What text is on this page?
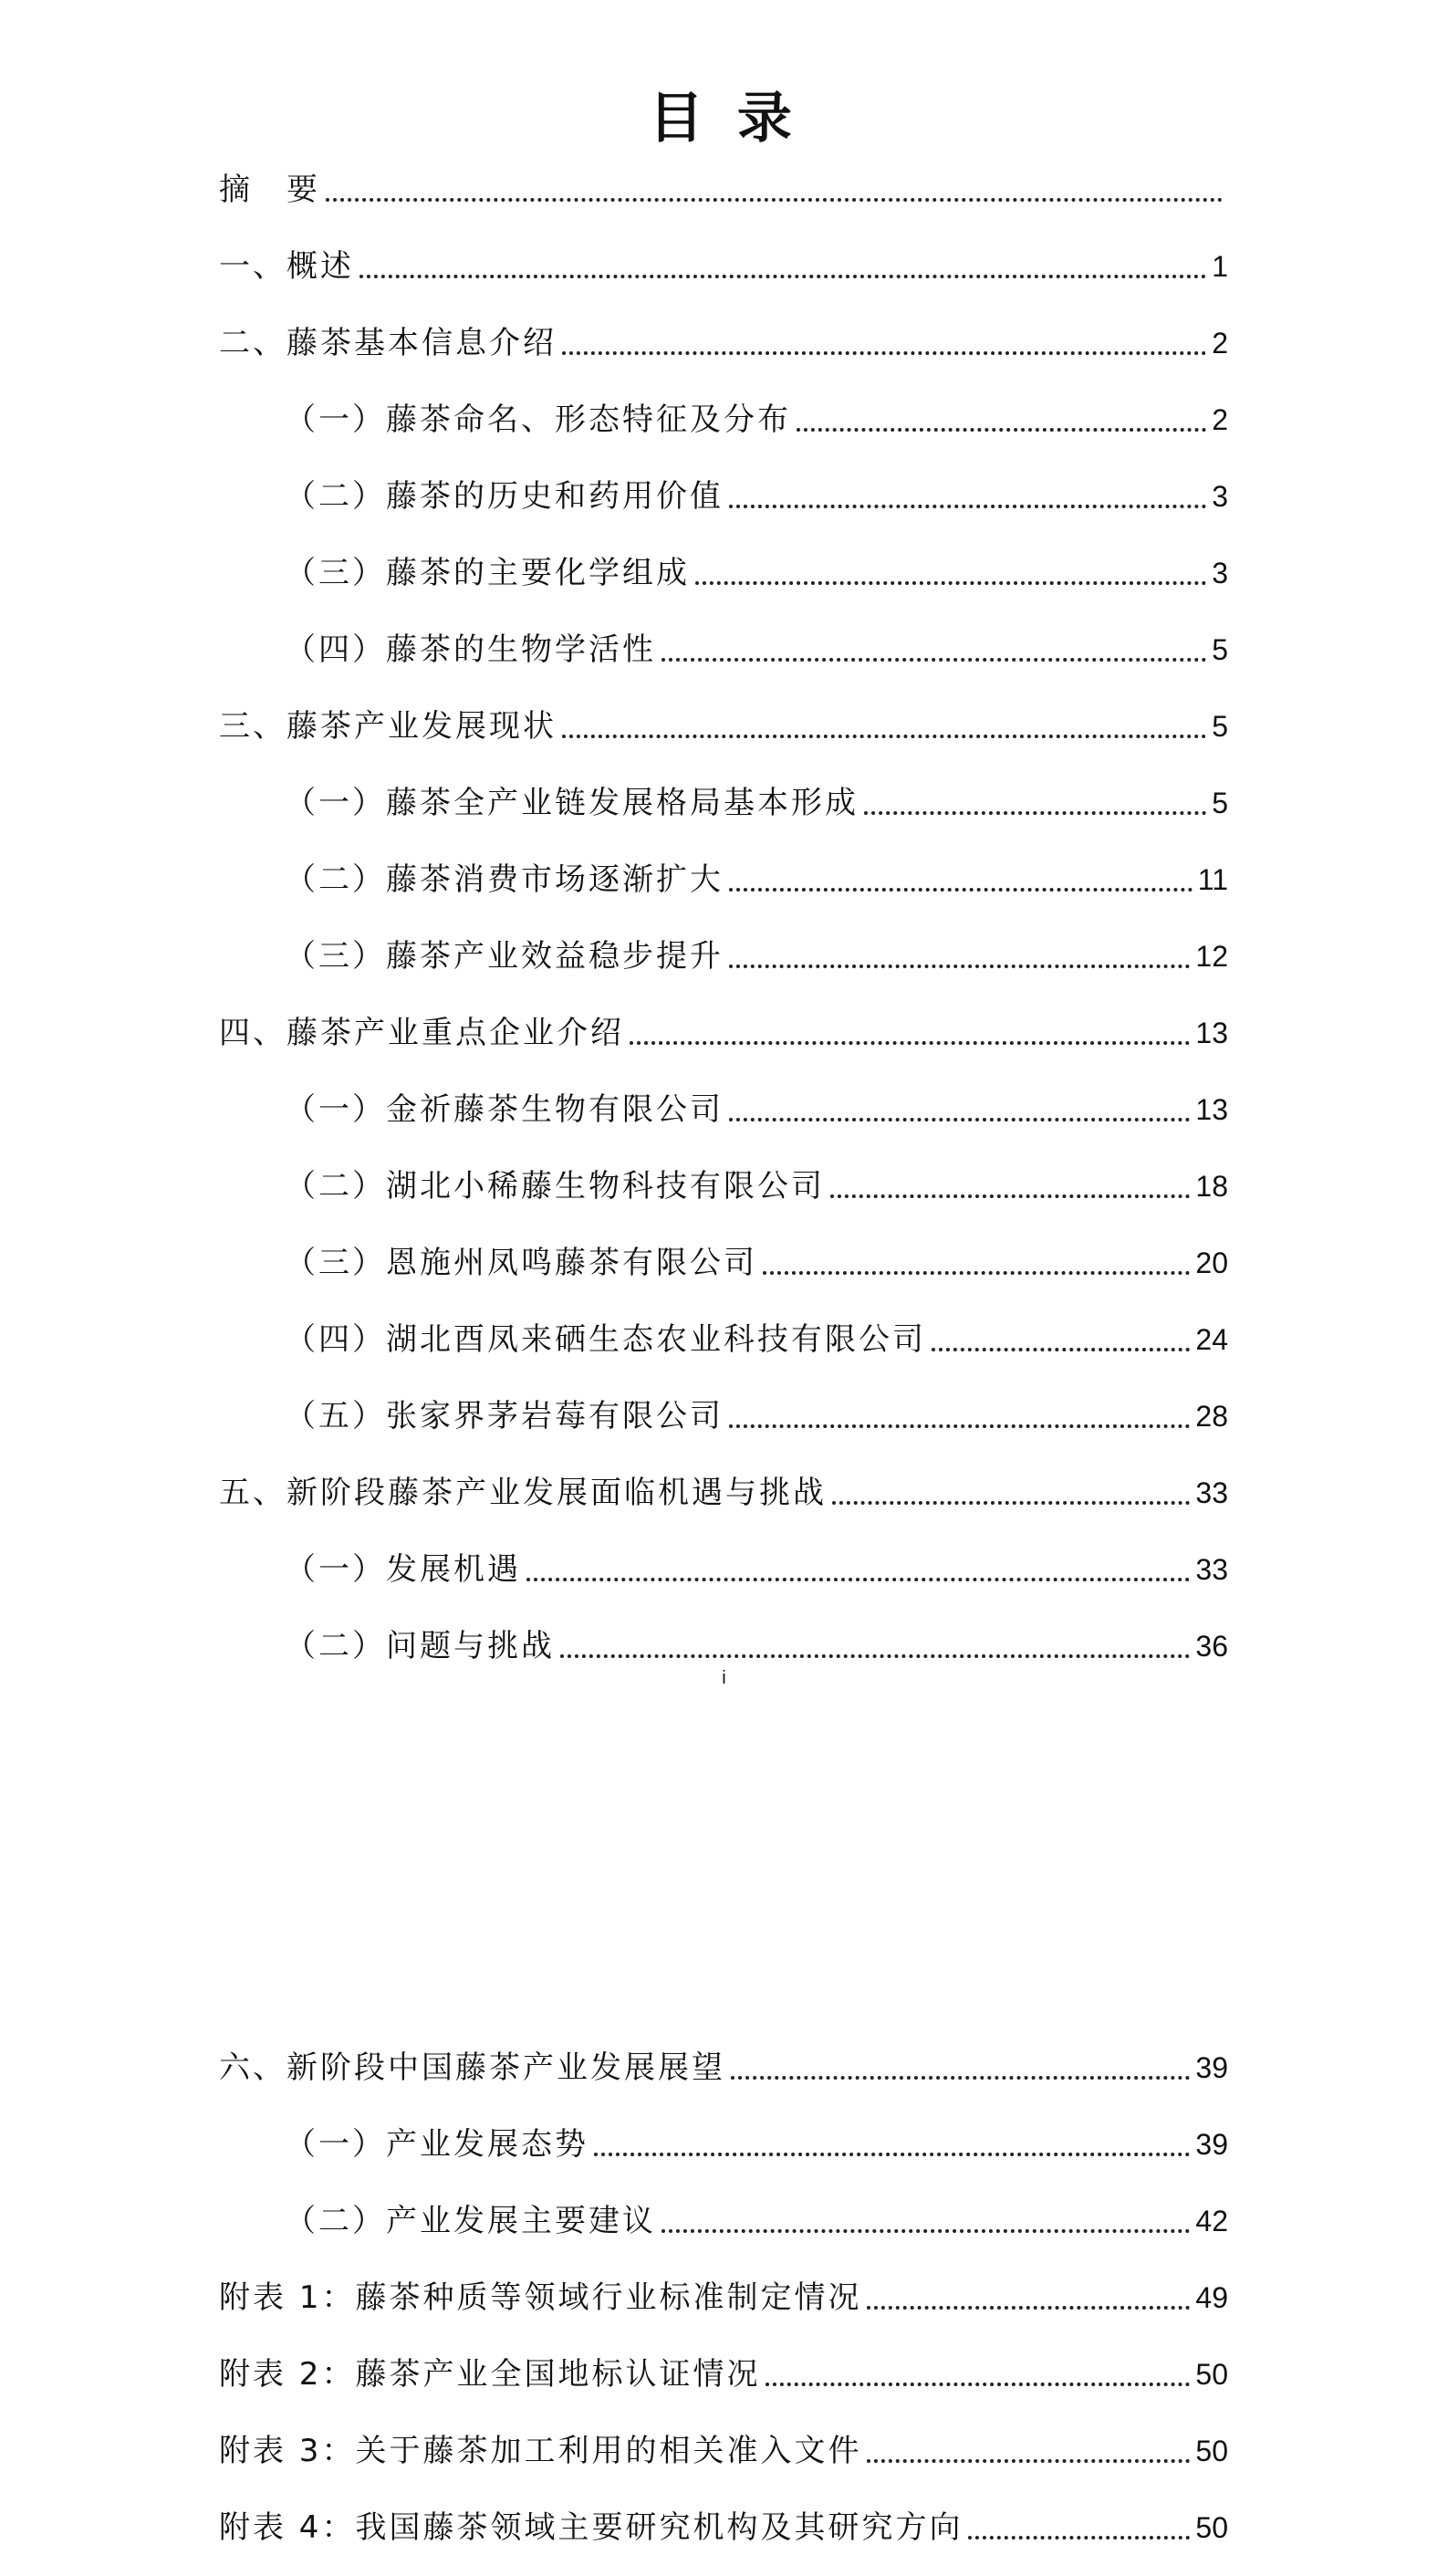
目 录
摘　要
一、概述	1
二、藤茶基本信息介绍	2
（一）藤茶命名、形态特征及分布	2
（二）藤茶的历史和药用价值	3
（三）藤茶的主要化学组成	3
（四）藤茶的生物学活性	5
三、藤茶产业发展现状	5
（一）藤茶全产业链发展格局基本形成	5
（二）藤茶消费市场逐渐扩大	11
（三）藤茶产业效益稳步提升	12
四、藤茶产业重点企业介绍	13
（一）金祈藤茶生物有限公司	13
（二）湖北小稀藤生物科技有限公司	18
（三）恩施州凤鸣藤茶有限公司	20
（四）湖北酉凤来硒生态农业科技有限公司	24
（五）张家界茅岩莓有限公司	28
五、新阶段藤茶产业发展面临机遇与挑战	33
（一）发展机遇	33
（二）问题与挑战	36
i
六、新阶段中国藤茶产业发展展望	39
（一）产业发展态势	39
（二）产业发展主要建议	42
附表 1：藤茶种质等领域行业标准制定情况	49
附表 2：藤茶产业全国地标认证情况	50
附表 3：关于藤茶加工利用的相关准入文件	50
附表 4：我国藤茶领域主要研究机构及其研究方向	50
